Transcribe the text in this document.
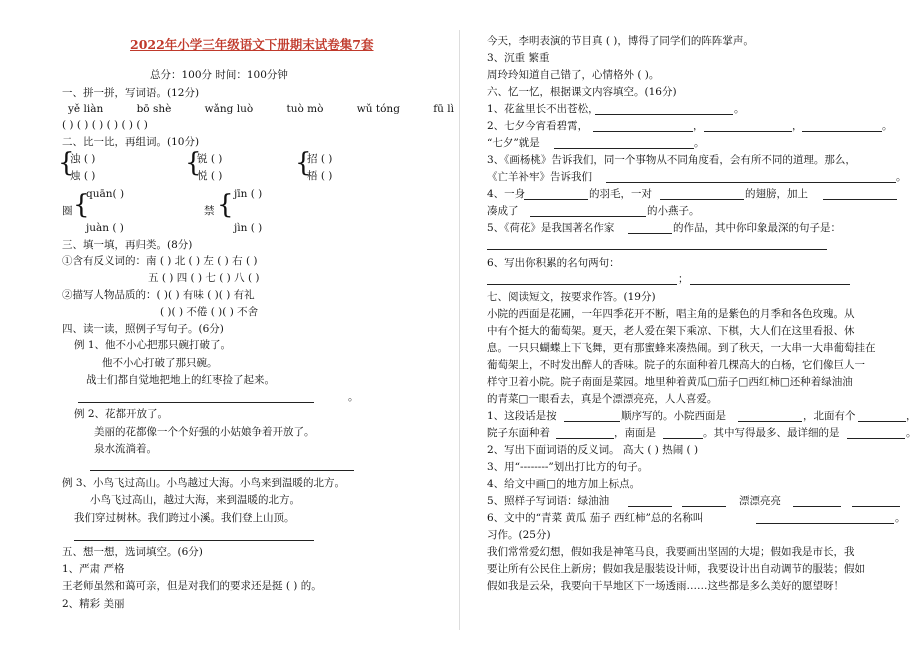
2022年小学三年级语文下册期末试卷集7套
总分：100分 时间：100分钟
一、拼一拼，写词语。(12分)
yě liàn	bō shè	wǎng luò	tuò mò	wǔ tóng	fū lì
( ) ( ) ( ) ( ) ( ) ( )
二、比一比，再组词。(10分)
{	{	{
浊 ( )	锐 ( )	招 ( )
烛 ( )	悦 ( )	梧 ( )
quān( )	jīn ( )
圈 {	禁 {
juàn ( )	jìn ( )
三、填一填，再归类。(8分)
①含有反义词的：南 ( ) 北 ( ) 左 ( ) 右 ( )
五 ( ) 四 ( ) 七 ( ) 八 ( )
②描写人物品质的：( )( ) 有味 ( )( ) 有礼
( )( ) 不倦 ( )( ) 不舍
四、读一读，照例子写句子。(6分)
例 1、他不小心把那只碗打破了。
他不小心打破了那只碗。
战士们都自觉地把地上的红枣捡了起来。
。
例 2、花都开放了。
美丽的花都像一个个好强的小姑娘争着开放了。
泉水流淌着。
例 3、小鸟飞过高山。小鸟越过大海。小鸟来到温暖的北方。
小鸟飞过高山，越过大海，来到温暖的北方。
我们穿过树林。我们跨过小溪。我们登上山顶。
五、想一想，选词填空。(6分)
1、严肃 严格
王老师虽然和蔼可亲，但是对我们的要求还是挺 ( ) 的。
2、精彩 美丽
今天，李明表演的节目真 ( )，博得了同学们的阵阵掌声。
3、沉重 繁重
周玲玲知道自己错了，心情格外 ( )。
六、忆一忆，根据课文内容填空。(16分)
1、花盆里长不出苍松，	。
2、七夕今宵看碧霄，	，	，	。
“七夕”就是	。
3、《画杨桃》告诉我们，同一个事物从不同角度看，会有所不同的道理。那么，
《亡羊补牢》告诉我们	。
4、一身	的羽毛，一对	的翅膀，加上
凑成了	的小燕子。
5、《荷花》是我国著名作家	的作品，其中你印象最深的句子是：
6、写出你积累的名句两句：
；
七、阅读短文，按要求作答。(19分)
小院的西面是花圃，一年四季花开不断，唱主角的是紫色的月季和各色玫瑰。从
中有个挺大的葡萄架。夏天，老人爱在架下乘凉、下棋，大人们在这里看报、休
息。一只只蝴蝶上下飞舞，更有那蜜蜂来凑热闹。到了秋天，一大串一大串葡萄挂在
葡萄架上，不时发出醉人的香味。院子的东面种着几棵高大的白杨，它们像巨人一
样守卫着小院。院子南面是菜园。地里种着黄瓜□茄子□西红柿□还种着绿油油
的青菜□一眼看去，真是个漂漂亮亮，人人喜爱。
1、这段话是按	顺序写的。小院西面是	，北面有个	，
院子东面种着	，南面是	。其中写得最多、最详细的是	。
2、写出下面词语的反义词。 高大 ( ) 热闹 ( )
3、用“--------”划出打比方的句子。
4、给文中画□的地方加上标点。
5、照样子写词语：绿油油	漂漂亮亮
6、文中的“青菜 黄瓜 茄子 西红柿”总的名称叫	。
习作。(25分)
我们常常爱幻想，假如我是神笔马良，我要画出坚固的大堤；假如我是市长，我
要让所有公民住上新房；假如我是服装设计师，我要设计出自动调节的服装；假如
假如我是云朵，我要向干旱地区下一场透雨……这些都是多么美好的愿望呀！
